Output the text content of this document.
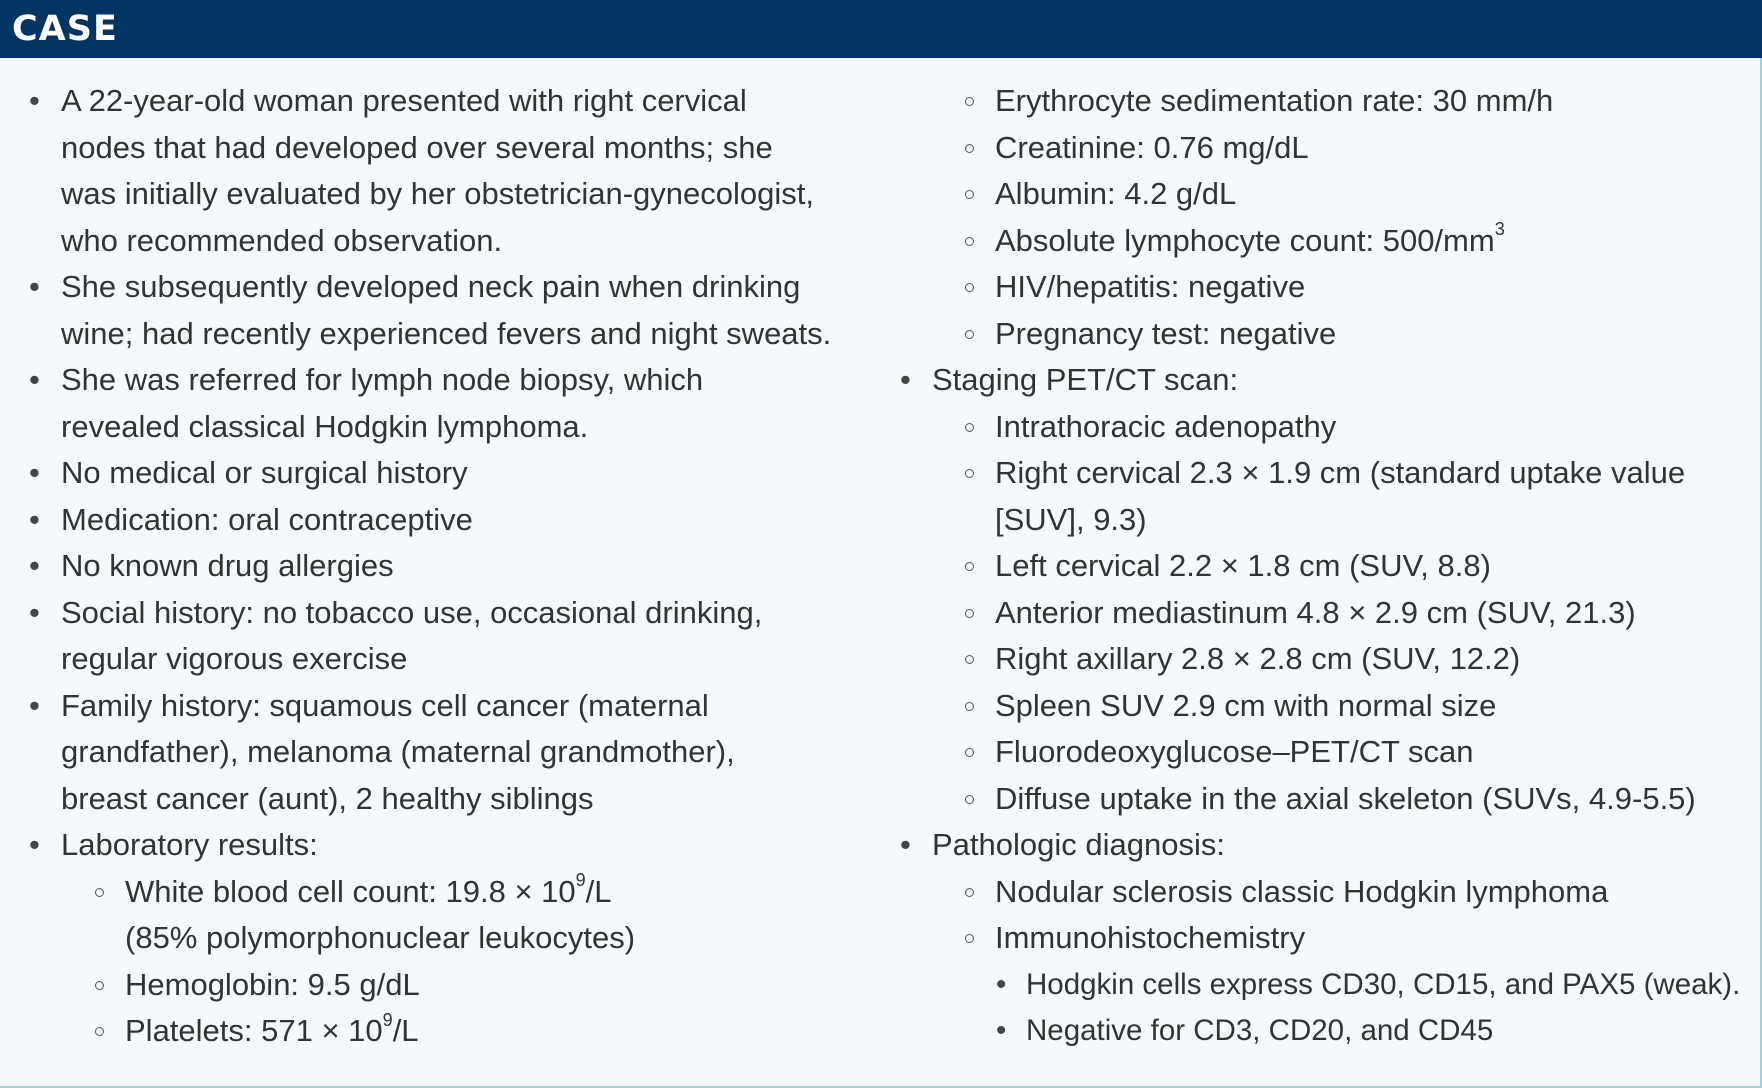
CASE
• A 22-year-old woman presented with right cervical
nodes that had developed over several months; she
was initially evaluated by her obstetrician-gynecologist,
who recommended observation.
• She subsequently developed neck pain when drinking
wine; had recently experienced fevers and night sweats.
• She was referred for lymph node biopsy, which
revealed classical Hodgkin lymphoma.
• No medical or surgical history
• Medication: oral contraceptive
• No known drug allergies
• Social history: no tobacco use, occasional drinking,
regular vigorous exercise
• Family history: squamous cell cancer (maternal
grandfather), melanoma (maternal grandmother),
breast cancer (aunt), 2 healthy siblings
• Laboratory results:
White blood cell count: $19.8 \times 10^9/L$
(85% polymorphonuclear leukocytes)
Hemoglobin: 9.5 g/dL
Platelets: $571 \times 10^9/L$
Erythrocyte sedimentation rate: 30 mm/h
Creatinine: 0.76 mg/dL
Albumin: 4.2 g/dL
Absolute lymphocyte count: $500/mm^3$
HIV/hepatitis: negative
Pregnancy test: negative
• Staging PET/CT scan:
Intrathoracic adenopathy
Right cervical 2.3 × 1.9 cm (standard uptake value
[SUV], 9.3)
Left cervical 2.2 × 1.8 cm (SUV, 8.8)
Anterior mediastinum 4.8 × 2.9 cm (SUV, 21.3)
Right axillary 2.8 × 2.8 cm (SUV, 12.2)
Spleen SUV 2.9 cm with normal size
Fluorodeoxyglucose–PET/CT scan
Diffuse uptake in the axial skeleton (SUVs, 4.9-5.5)
• Pathologic diagnosis:
Nodular sclerosis classic Hodgkin lymphoma
Immunohistochemistry
• Hodgkin cells express CD30, CD15, and PAX5 (weak).
• Negative for CD3, CD20, and CD45
